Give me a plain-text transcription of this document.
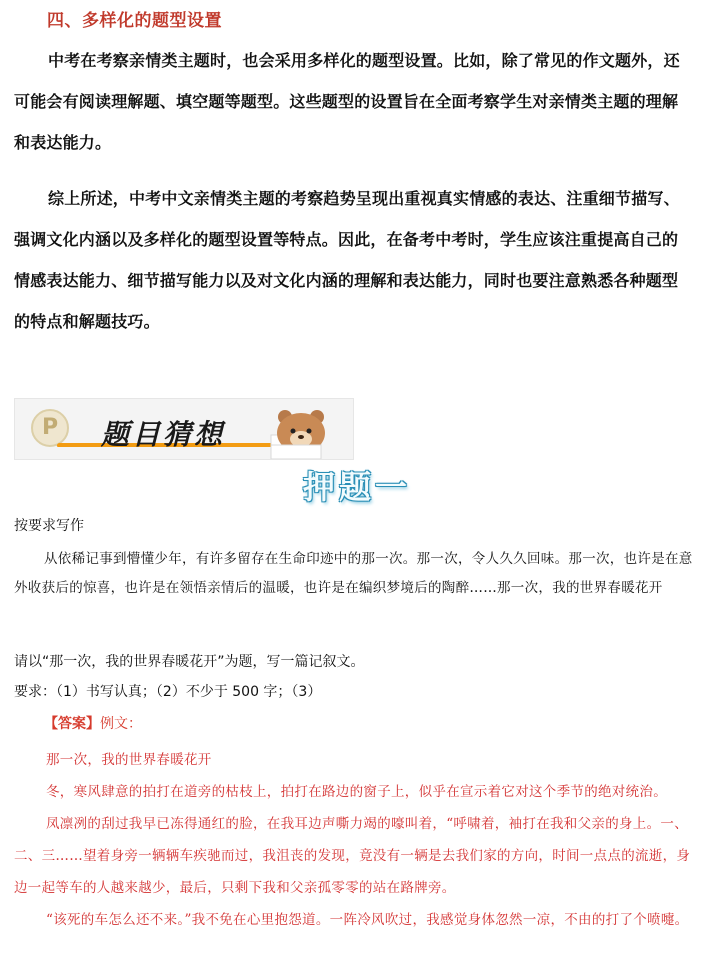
四、多样化的题型设置

中考在考察亲情类主题时，也会采用多样化的题型设置。比如，除了常见的作文题外，还可能会有阅读理解题、填空题等题型。这些题型的设置旨在全面考察学生对亲情类主题的理解和表达能力。

综上所述，中考中文亲情类主题的考察趋势呈现出重视真实情感的表达、注重细节描写、强调文化内涵以及多样化的题型设置等特点。因此，在备考中考时，学生应该注重提高自己的情感表达能力、细节描写能力以及对文化内涵的理解和表达能力，同时也要注意熟悉各种题型的特点和解题技巧。

P	题目猜想
押题一

按要求写作

从依稀记事到懵懂少年，有许多留存在生命印迹中的那一次。那一次，令人久久回味。那一次，也许是在意外收获后的惊喜，也许是在领悟亲情后的温暖，也许是在编织梦境后的陶醉……那一次，我的世界春暖花开

请以“那一次，我的世界春暖花开”为题，写一篇记叙文。

要求：（1）书写认真；（2）不少于 500 字；（3）

【答案】例文：

那一次，我的世界春暖花开

冬，寒风肆意的拍打在道旁的枯枝上，拍打在路边的窗子上，似乎在宣示着它对这个季节的绝对统治。

凤凛冽的刮过我早已冻得通红的脸，在我耳边声嘶力竭的嚎叫着，“呼啸着，袖打在我和父亲的身上。一、二、三……望着身旁一辆辆车疾驰而过，我沮丧的发现，竟没有一辆是去我们家的方向，时间一点点的流逝，身边一起等车的人越来越少，最后，只剩下我和父亲孤零零的站在路牌旁。

“该死的车怎么还不来。”我不免在心里抱怨道。一阵冷风吹过，我感觉身体忽然一凉，不由的打了个喷嚏。
